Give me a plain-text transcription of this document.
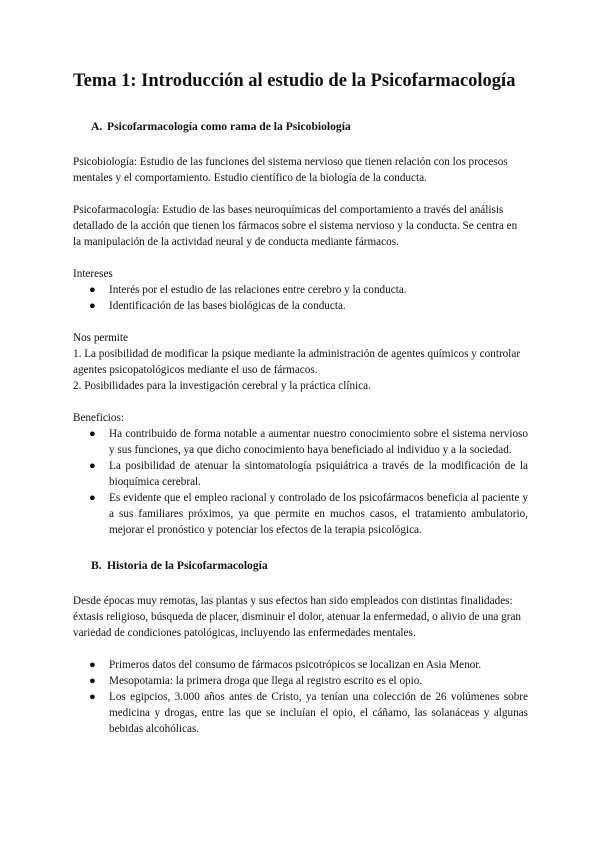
Tema 1: Introducción al estudio de la Psicofarmacología
A. Psicofarmacología como rama de la Psicobiología

Psicobiología: Estudio de las funciones del sistema nervioso que tienen relación con los procesos mentales y el comportamiento. Estudio científico de la biología de la conducta.

Psicofarmacología: Estudio de las bases neuroquímicas del comportamiento a través del análisis detallado de la acción que tienen los fármacos sobre el sistema nervioso y la conducta. Se centra en la manipulación de la actividad neural y de conducta mediante fármacos.

Intereses

● Interés por el estudio de las relaciones entre cerebro y la conducta.
● Identificación de las bases biológicas de la conducta.

Nos permite

1. La posibilidad de modificar la psique mediante la administración de agentes químicos y controlar agentes psicopatológicos mediante el uso de fármacos.

2. Posibilidades para la investigación cerebral y la práctica clínica.

Beneficios:

● Ha contribuido de forma notable a aumentar nuestro conocimiento sobre el sistema nervioso y sus funciones, ya que dicho conocimiento haya beneficiado al individuo y a la sociedad.
● La posibilidad de atenuar la sintomatología psiquiátrica a través de la modificación de la bioquímica cerebral.
● Es evidente que el empleo racional y controlado de los psicofármacos beneficia al paciente y a sus familiares próximos, ya que permite en muchos casos, el tratamiento ambulatorio, mejorar el pronóstico y potenciar los efectos de la terapia psicológica.
B. Historia de la Psicofarmacología

Desde épocas muy remotas, las plantas y sus efectos han sido empleados con distintas finalidades: éxtasis religioso, búsqueda de placer, disminuir el dolor, atenuar la enfermedad, o alivio de una gran variedad de condiciones patológicas, incluyendo las enfermedades mentales.

● Primeros datos del consumo de fármacos psicotrópicos se localizan en Asia Menor.
● Mesopotamia: la primera droga que llega al registro escrito es el opio.
● Los egipcios, 3.000 años antes de Cristo, ya tenían una colección de 26 volúmenes sobre medicina y drogas, entre las que se incluían el opio, el cáñamo, las solanáceas y algunas bebidas alcohólicas.
